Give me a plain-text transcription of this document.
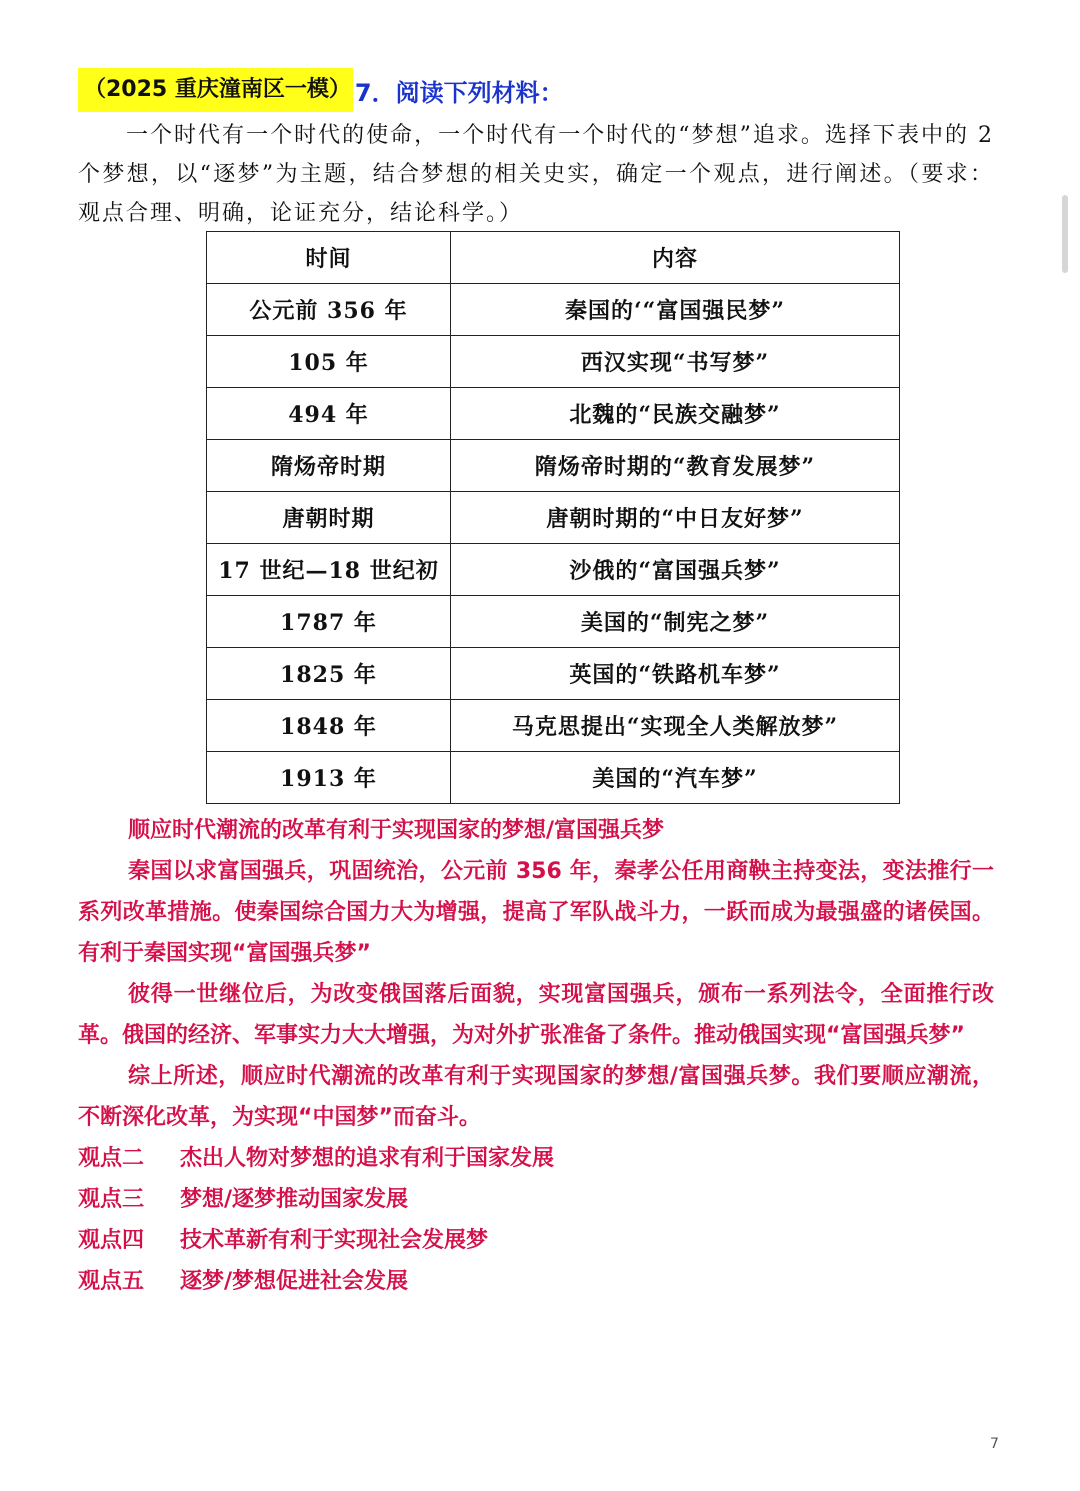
（2025 重庆潼南区一模） 7．阅读下列材料：

一个时代有一个时代的使命，一个时代有一个时代的“梦想”追求。选择下表中的 2 个梦想，以“逐梦”为主题，结合梦想的相关史实，确定一个观点，进行阐述。（要求：观点合理、明确，论证充分，结论科学。）

时间	内容
公元前 356 年	秦国的‘“富国强民梦”
105 年	西汉实现“书写梦”
494 年	北魏的“民族交融梦”
隋炀帝时期	隋炀帝时期的“教育发展梦”
唐朝时期	唐朝时期的“中日友好梦”
17 世纪—18 世纪初	沙俄的“富国强兵梦”
1787 年	美国的“制宪之梦”
1825 年	英国的“铁路机车梦”
1848 年	马克思提出“实现全人类解放梦”
1913 年	美国的“汽车梦”

顺应时代潮流的改革有利于实现国家的梦想/富国强兵梦

秦国以求富国强兵，巩固统治，公元前 356 年，秦孝公任用商鞅主持变法，变法推行一系列改革措施。使秦国综合国力大为增强，提高了军队战斗力，一跃而成为最强盛的诸侯国。有利于秦国实现“富国强兵梦”

彼得一世继位后，为改变俄国落后面貌，实现富国强兵，颁布一系列法令，全面推行改革。俄国的经济、军事实力大大增强，为对外扩张准备了条件。推动俄国实现“富国强兵梦”

综上所述，顺应时代潮流的改革有利于实现国家的梦想/富国强兵梦。我们要顺应潮流，不断深化改革，为实现“中国梦”而奋斗。

观点二 杰出人物对梦想的追求有利于国家发展

观点三 梦想/逐梦推动国家发展

观点四 技术革新有利于实现社会发展梦

观点五 逐梦/梦想促进社会发展

7
